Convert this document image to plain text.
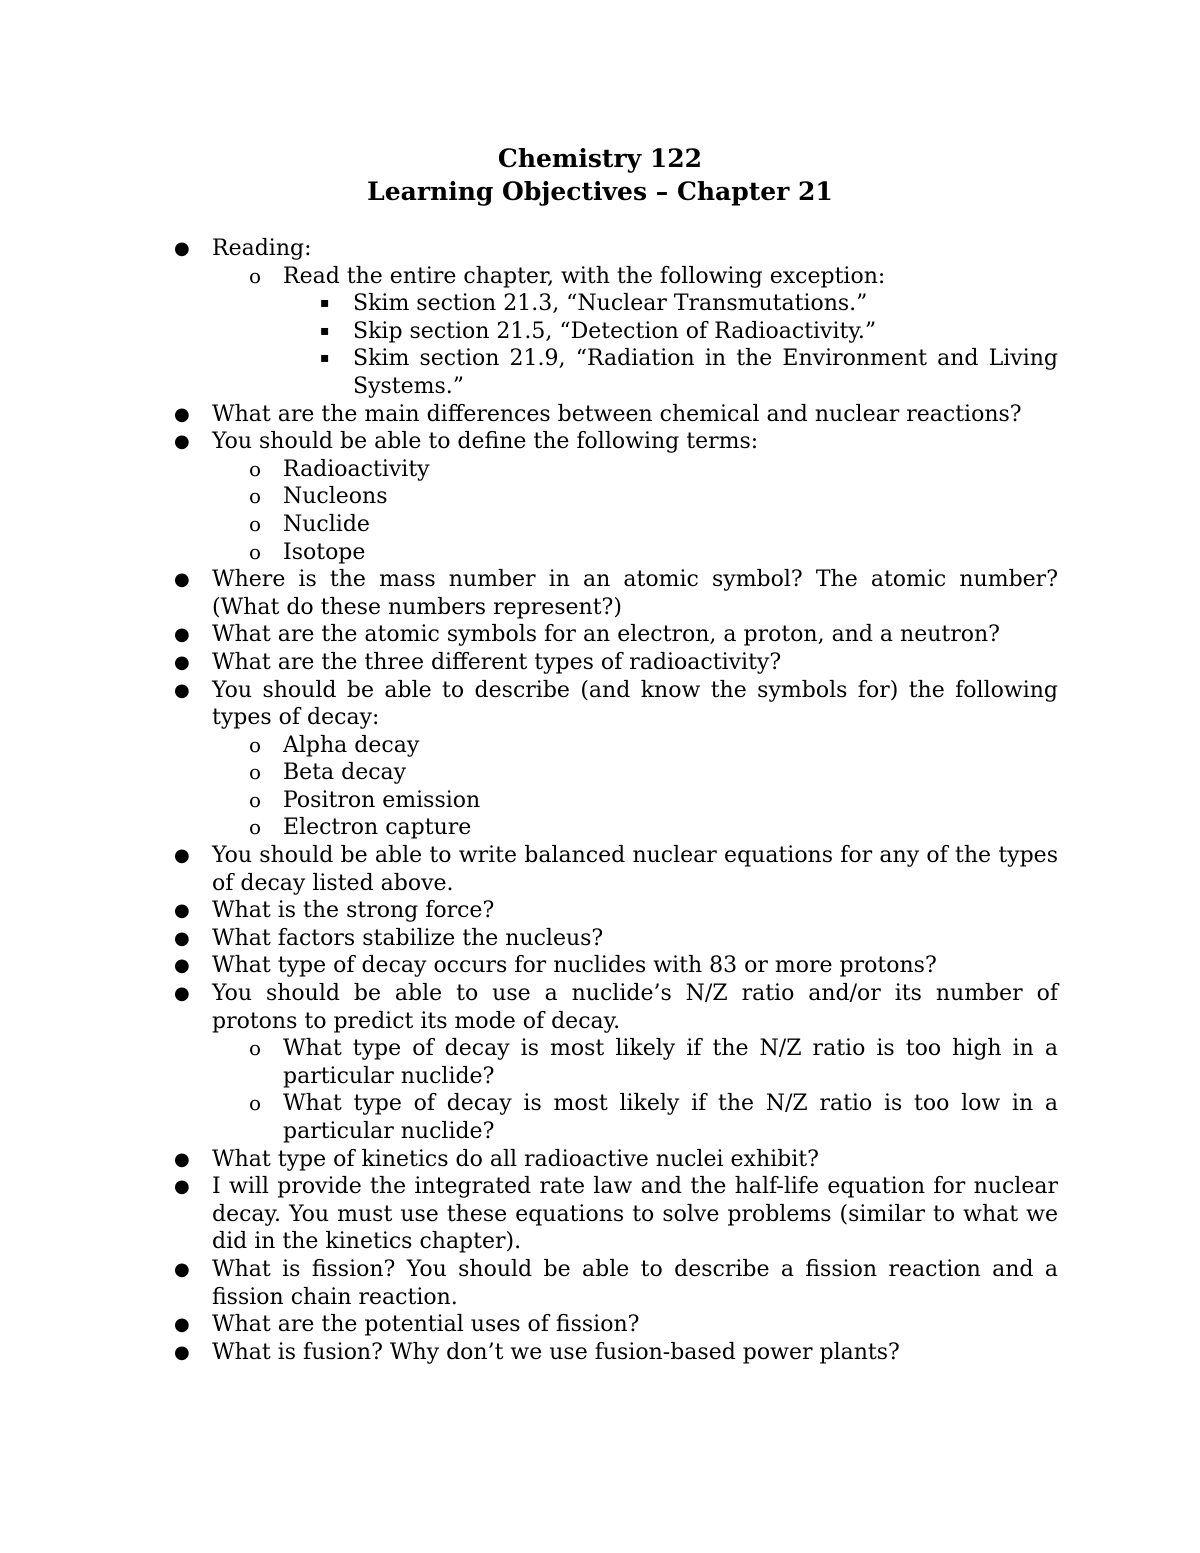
Chemistry 122
Learning Objectives – Chapter 21
● Reading:
o Read the entire chapter, with the following exception:
▪ Skim section 21.3, “Nuclear Transmutations.”
▪ Skip section 21.5, “Detection of Radioactivity.”
▪ Skim section 21.9, “Radiation in the Environment and Living Systems.”
● What are the main differences between chemical and nuclear reactions?
● You should be able to define the following terms:
o Radioactivity
o Nucleons
o Nuclide
o Isotope
● Where is the mass number in an atomic symbol? The atomic number? (What do these numbers represent?)
● What are the atomic symbols for an electron, a proton, and a neutron?
● What are the three different types of radioactivity?
● You should be able to describe (and know the symbols for) the following types of decay:
o Alpha decay
o Beta decay
o Positron emission
o Electron capture
● You should be able to write balanced nuclear equations for any of the types of decay listed above.
● What is the strong force?
● What factors stabilize the nucleus?
● What type of decay occurs for nuclides with 83 or more protons?
● You should be able to use a nuclide’s N/Z ratio and/or its number of protons to predict its mode of decay.
o What type of decay is most likely if the N/Z ratio is too high in a particular nuclide?
o What type of decay is most likely if the N/Z ratio is too low in a particular nuclide?
● What type of kinetics do all radioactive nuclei exhibit?
● I will provide the integrated rate law and the half-life equation for nuclear decay. You must use these equations to solve problems (similar to what we did in the kinetics chapter).
● What is fission? You should be able to describe a fission reaction and a fission chain reaction.
● What are the potential uses of fission?
● What is fusion? Why don’t we use fusion-based power plants?
